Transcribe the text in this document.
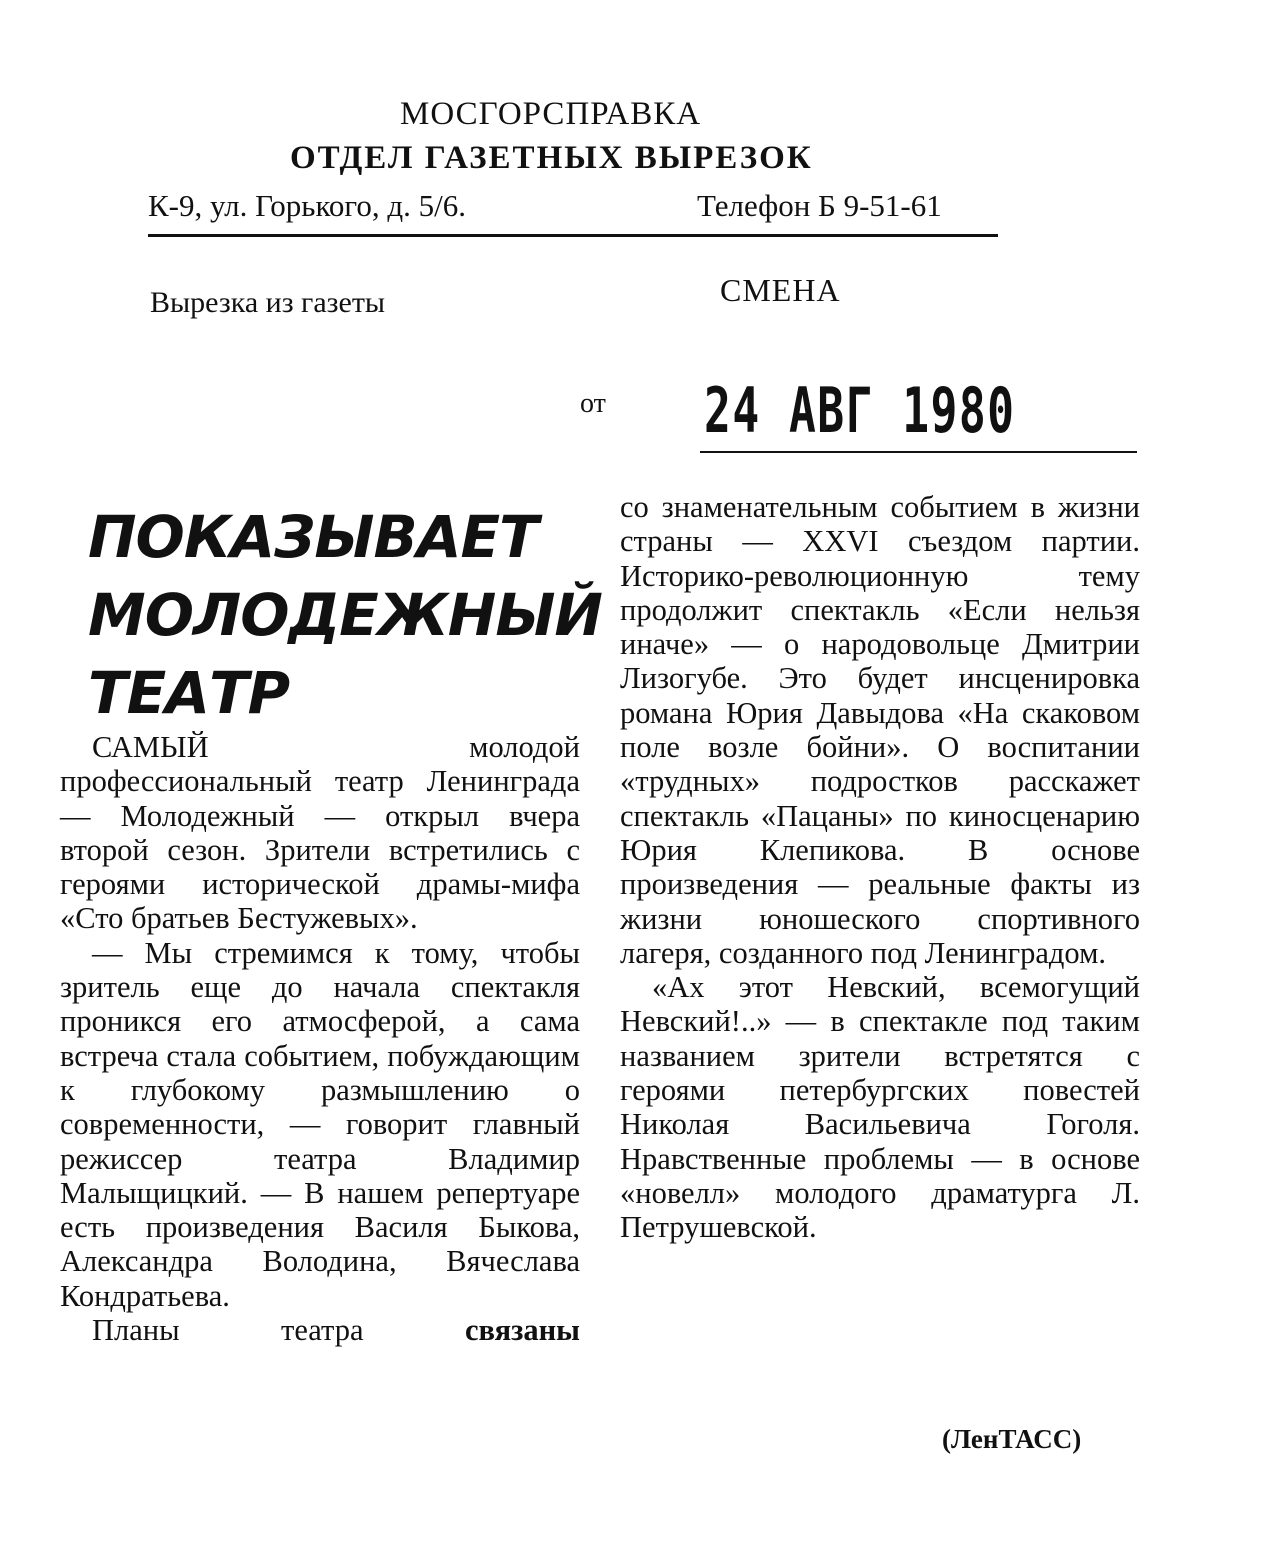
МОСГОРСПРАВКА
ОТДЕЛ ГАЗЕТНЫХ ВЫРЕЗОК
К-9, ул. Горького, д. 5/6.	Телефон Б 9-51-61
Вырезка из газеты	СМЕНА
от 24 АВГ 1980
ПОКАЗЫВАЕТ
МОЛОДЕЖНЫЙ
ТЕАТР

САМЫЙ молодой профессиональный театр Ленинграда — Молодежный — открыл вчера второй сезон. Зрители встретились с героями исторической драмы-мифа «Сто братьев Бестужевых».

— Мы стремимся к тому, чтобы зритель еще до начала спектакля проникся его атмосферой, а сама встреча стала событием, побуждающим к глубокому размышлению о современности, — говорит главный режиссер театра Владимир Малыщицкий. — В нашем репертуаре есть произведения Василя Быкова, Александра Володина, Вячеслава Кондратьева.

Планы	театра	связаны

со знаменательным событием в жизни страны — XXVI съездом партии. Историко-революционную тему продолжит спектакль «Если нельзя иначе» — о народовольце Дмитрии Лизогубе. Это будет инсценировка романа Юрия Давыдова «На скаковом поле возле бойни». О воспитании «трудных» подростков расскажет спектакль «Пацаны» по киносценарию Юрия Клепикова. В основе произведения — реальные факты из жизни юношеского спортивного лагеря, созданного под Ленинградом.

«Ах этот Невский, всемогущий Невский!..» — в спектакле под таким названием зрители встретятся с героями петербургских повестей Николая Васильевича Гоголя. Нравственные проблемы — в основе «новелл» молодого драматурга Л. Петрушевской.

(ЛенТАСС)
